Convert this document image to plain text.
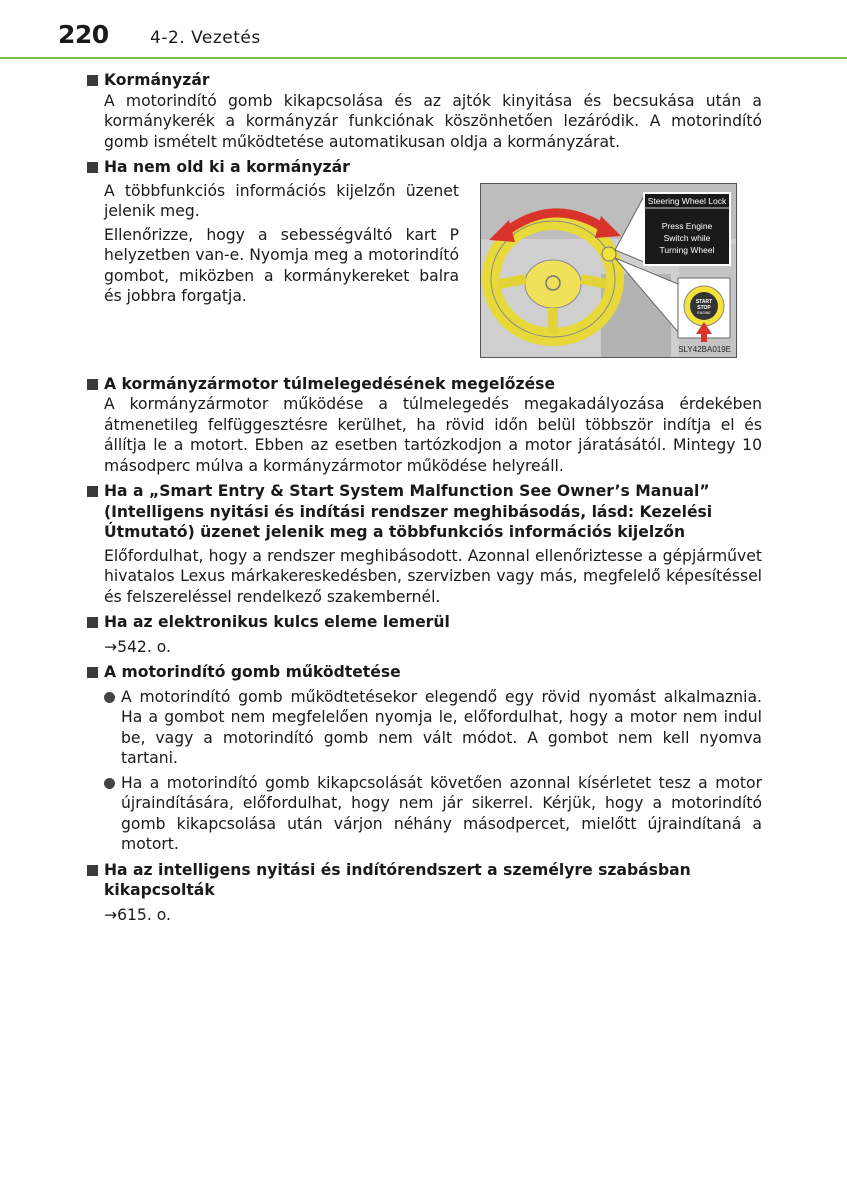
220 4-2. Vezetés
Kormányzár
A motorindító gomb kikapcsolása és az ajtók kinyitása és becsukása után a kormánykerék a kormányzár funkciónak köszönhetően lezáródik. A motorindító gomb ismételt működtetése automatikusan oldja a kormányzárat.
Ha nem old ki a kormányzár
A többfunkciós információs kijelzőn üzenet jelenik meg.
Ellenőrizze, hogy a sebességváltó kart P helyzetben van-e. Nyomja meg a motorindító gombot, miközben a kormánykereket balra és jobbra forgatja.
Steering Wheel Lock
Press Engine
Switch while
Turning Wheel
START
STOP
ENGINE
SLY42BA019E
A kormányzármotor túlmelegedésének megelőzése
A kormányzármotor működése a túlmelegedés megakadályozása érdekében átmenetileg felfüggesztésre kerülhet, ha rövid időn belül többször indítja el és állítja le a motort. Ebben az esetben tartózkodjon a motor járatásától. Mintegy 10 másodperc múlva a kormányzármotor működése helyreáll.
Ha a „Smart Entry & Start System Malfunction See Owner’s Manual” (Intelligens nyitási és indítási rendszer meghibásodás, lásd: Kezelési Útmutató) üzenet jelenik meg a többfunkciós információs kijelzőn
Előfordulhat, hogy a rendszer meghibásodott. Azonnal ellenőriztesse a gépjárművet hivatalos Lexus márkakereskedésben, szervizben vagy más, megfelelő képesítéssel és felszereléssel rendelkező szakembernél.
Ha az elektronikus kulcs eleme lemerül
→542. o.
A motorindító gomb működtetése
A motorindító gomb működtetésekor elegendő egy rövid nyomást alkalmaznia. Ha a gombot nem megfelelően nyomja le, előfordulhat, hogy a motor nem indul be, vagy a motorindító gomb nem vált módot. A gombot nem kell nyomva tartani.
Ha a motorindító gomb kikapcsolását követően azonnal kísérletet tesz a motor újraindítására, előfordulhat, hogy nem jár sikerrel. Kérjük, hogy a motorindító gomb kikapcsolása után várjon néhány másodpercet, mielőtt újraindítaná a motort.
Ha az intelligens nyitási és indítórendszert a személyre szabásban kikapcsolták
→615. o.
